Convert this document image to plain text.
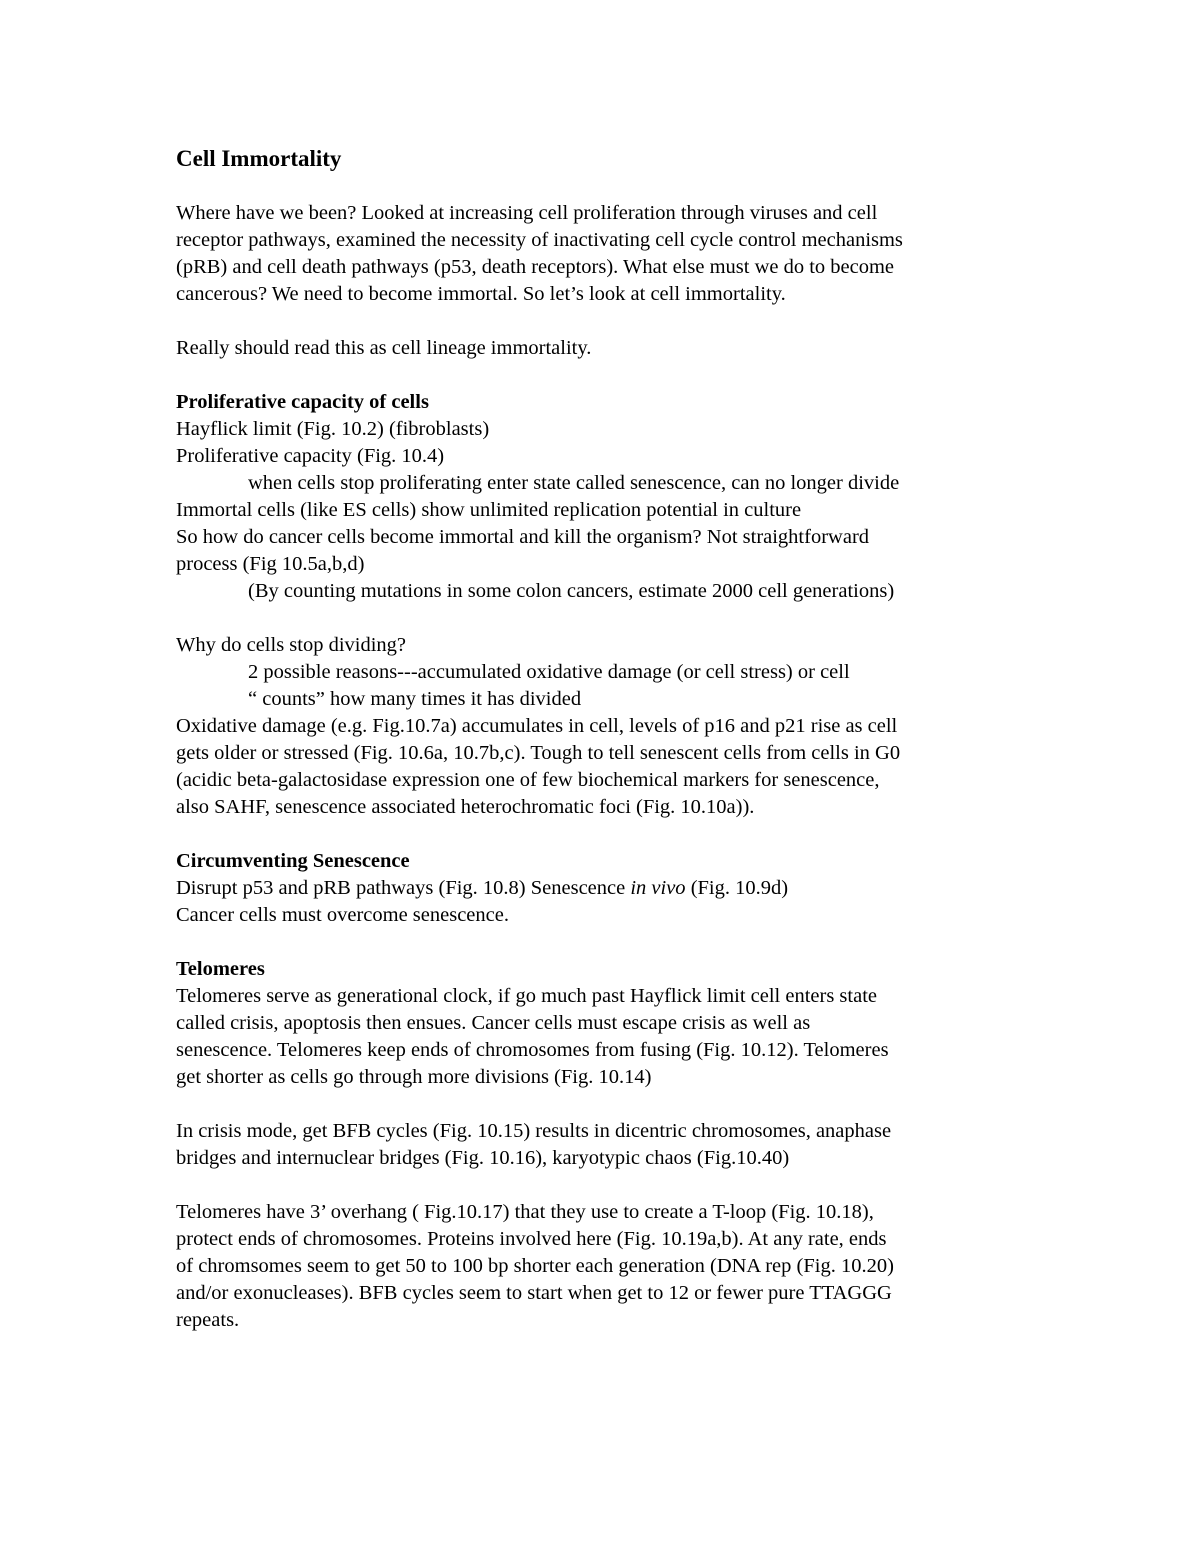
Cell Immortality
Where have we been? Looked at increasing cell proliferation through viruses and cell
receptor pathways, examined the necessity of inactivating cell cycle control mechanisms
(pRB) and cell death pathways (p53, death receptors). What else must we do to become
cancerous? We need to become immortal. So let’s look at cell immortality.
Really should read this as cell lineage immortality.
Proliferative capacity of cells
Hayflick limit (Fig. 10.2) (fibroblasts)
Proliferative capacity (Fig. 10.4)
when cells stop proliferating enter state called senescence, can no longer divide
Immortal cells (like ES cells) show unlimited replication potential in culture
So how do cancer cells become immortal and kill the organism? Not straightforward
process (Fig 10.5a,b,d)
(By counting mutations in some colon cancers, estimate 2000 cell generations)
Why do cells stop dividing?
2 possible reasons---accumulated oxidative damage (or cell stress) or cell
“ counts” how many times it has divided
Oxidative damage (e.g. Fig.10.7a) accumulates in cell, levels of p16 and p21 rise as cell
gets older or stressed (Fig. 10.6a, 10.7b,c). Tough to tell senescent cells from cells in G0
(acidic beta-galactosidase expression one of few biochemical markers for senescence,
also SAHF, senescence associated heterochromatic foci (Fig. 10.10a)).
Circumventing Senescence
Disrupt p53 and pRB pathways (Fig. 10.8) Senescence in vivo (Fig. 10.9d)
Cancer cells must overcome senescence.
Telomeres
Telomeres serve as generational clock, if go much past Hayflick limit cell enters state
called crisis, apoptosis then ensues. Cancer cells must escape crisis as well as
senescence. Telomeres keep ends of chromosomes from fusing (Fig. 10.12). Telomeres
get shorter as cells go through more divisions (Fig. 10.14)
In crisis mode, get BFB cycles (Fig. 10.15) results in dicentric chromosomes, anaphase
bridges and internuclear bridges (Fig. 10.16), karyotypic chaos (Fig.10.40)
Telomeres have 3’ overhang ( Fig.10.17) that they use to create a T-loop (Fig. 10.18),
protect ends of chromosomes. Proteins involved here (Fig. 10.19a,b). At any rate, ends
of chromsomes seem to get 50 to 100 bp shorter each generation (DNA rep (Fig. 10.20)
and/or exonucleases). BFB cycles seem to start when get to 12 or fewer pure TTAGGG
repeats.
